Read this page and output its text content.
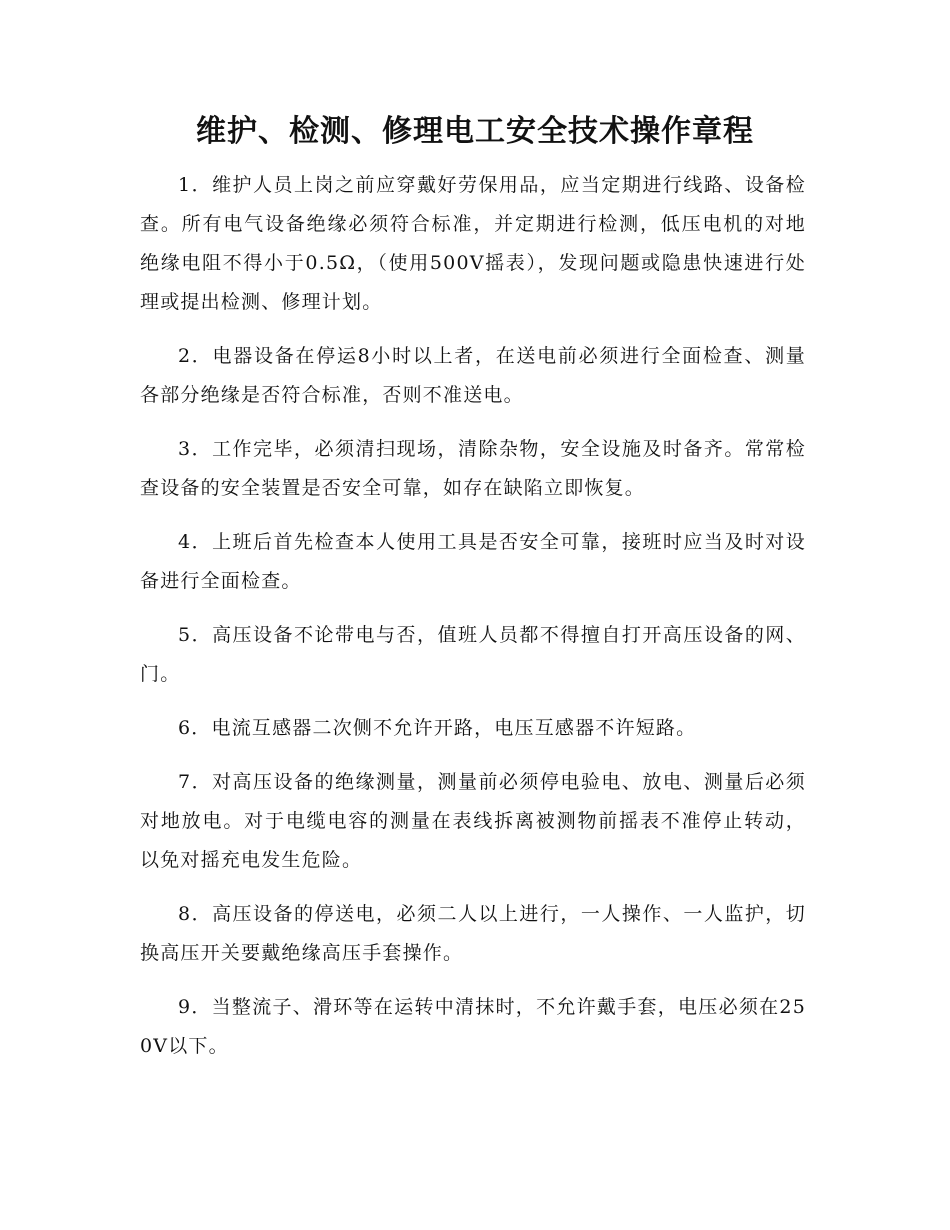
维护、检测、修理电工安全技术操作章程

1．维护人员上岗之前应穿戴好劳保用品，应当定期进行线路、设备检查。所有电气设备绝缘必须符合标准，并定期进行检测，低压电机的对地绝缘电阻不得小于0.5Ω，（使用500V摇表），发现问题或隐患快速进行处理或提出检测、修理计划。

2．电器设备在停运8小时以上者，在送电前必须进行全面检查、测量各部分绝缘是否符合标准，否则不准送电。

3．工作完毕，必须清扫现场，清除杂物，安全设施及时备齐。常常检查设备的安全装置是否安全可靠，如存在缺陷立即恢复。

4．上班后首先检查本人使用工具是否安全可靠，接班时应当及时对设备进行全面检查。

5．高压设备不论带电与否，值班人员都不得擅自打开高压设备的网、门。

6．电流互感器二次侧不允许开路，电压互感器不许短路。

7．对高压设备的绝缘测量，测量前必须停电验电、放电、测量后必须对地放电。对于电缆电容的测量在表线拆离被测物前摇表不准停止转动，以免对摇充电发生危险。

8．高压设备的停送电，必须二人以上进行，一人操作、一人监护，切换高压开关要戴绝缘高压手套操作。

9．当整流子、滑环等在运转中清抹时，不允许戴手套，电压必须在250V以下。
